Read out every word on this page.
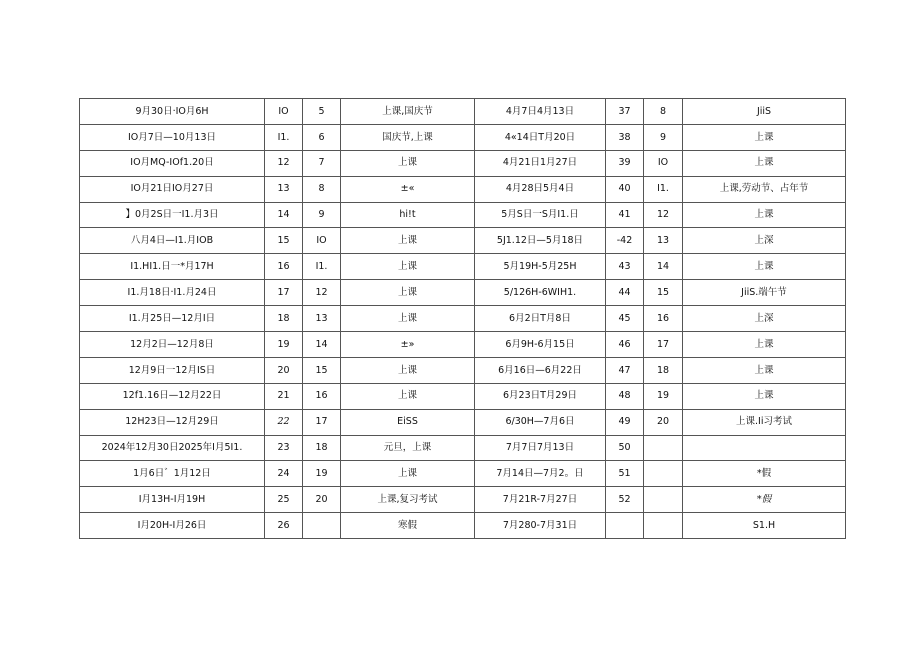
9月30日·IO月6H	IO	5	上课,国庆节	4月7日4月13日	37	8	JiiS
IO月7日—10月13日	I1.	6	国庆节,上课	4«14日T月20日	38	9	上课
IO月MQ-IOf1.20日	12	7	上课	4月21日1月27日	39	IO	上课
IO月21日IO月27日	13	8	±«	4月28日5月4日	40	I1.	上课,劳动节、占年节
】0月2S日一I1.月3日	14	9	hi!t	5月S日一S月I1.日	41	12	上课
八月4日—I1.月IOB	15	IO	上课	5J1.12日—5月18日	-42	13	上深
I1.HI1.日一*月17H	16	I1.	上课	5月19H-5月25H	43	14	上课
I1.月18日·I1.月24日	17	12	上课	5/126H-6WIH1.	44	15	JiiS.端午节
I1.月25日—12月I日	18	13	上课	6月2日T月8日	45	16	上深
12月2日—12月8日	19	14	±»	6月9H-6月15日	46	17	上课
12月9日一12月IS日	20	15	上课	6月16日—6月22日	47	18	上课
12f1.16日—12月22日	21	16	上课	6月23日T月29日	48	19	上课
12H23日—12月29日	22	17	EiSS	6/30H—7月6日	49	20	上课.Ii习考试
2024年12月30日2025年I月5I1.	23	18	元旦，上课	7月7日7月13日	50		
1月6日゛1月12日	24	19	上课	7月14日—7月2。日	51		*假
I月13H-I月19H	25	20	上课,复习考试	7月21R-7月27日	52		*假
I月20H-I月26日	26		寒假	7月280-7月31日			S1.H
